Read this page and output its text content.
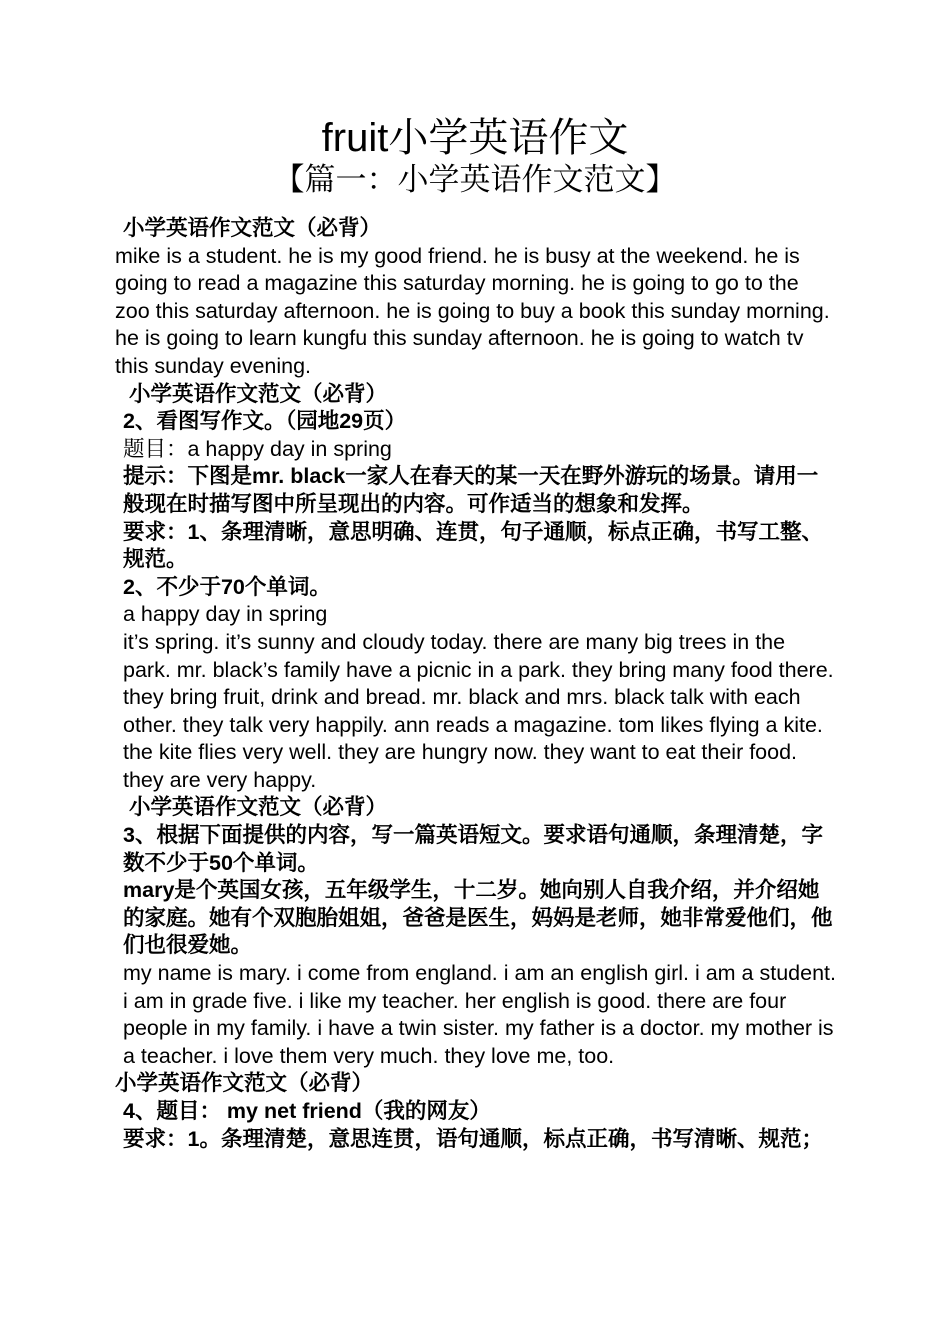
fruit小学英语作文
【篇一：小学英语作文范文】

小学英语作文范文（必背）

mike is a student. he is my good friend. he is busy at the weekend. he is going to read a magazine this saturday morning. he is going to go to the zoo this saturday afternoon. he is going to buy a book this sunday morning. he is going to learn kungfu this sunday afternoon. he is going to watch tv this sunday evening.

小学英语作文范文（必背）

2、看图写作文。（园地29页）

题目：a happy day in spring

提示：下图是mr. black一家人在春天的某一天在野外游玩的场景。请用一般现在时描写图中所呈现出的内容。可作适当的想象和发挥。

要求：1、条理清晰，意思明确、连贯，句子通顺，标点正确，书写工整、规范。

2、不少于70个单词。

a happy day in spring

it’s spring. it’s sunny and cloudy today. there are many big trees in the park. mr. black’s family have a picnic in a park. they bring many food there. they bring fruit, drink and bread. mr. black and mrs. black talk with each other. they talk very happily. ann reads a magazine. tom likes flying a kite. the kite flies very well. they are hungry now. they want to eat their food. they are very happy.

小学英语作文范文（必背）

3、根据下面提供的内容，写一篇英语短文。要求语句通顺，条理清楚，字数不少于50个单词。

mary是个英国女孩，五年级学生，十二岁。她向别人自我介绍，并介绍她的家庭。她有个双胞胎姐姐，爸爸是医生，妈妈是老师，她非常爱他们，他们也很爱她。

my name is mary. i come from england. i am an english girl. i am a student. i am in grade five. i like my teacher. her english is good. there are four people in my family. i have a twin sister. my father is a doctor. my mother is a teacher. i love them very much. they love me, too.

小学英语作文范文（必背）

4、题目： my net friend（我的网友）

要求：1。条理清楚，意思连贯，语句通顺，标点正确，书写清晰、规范；
